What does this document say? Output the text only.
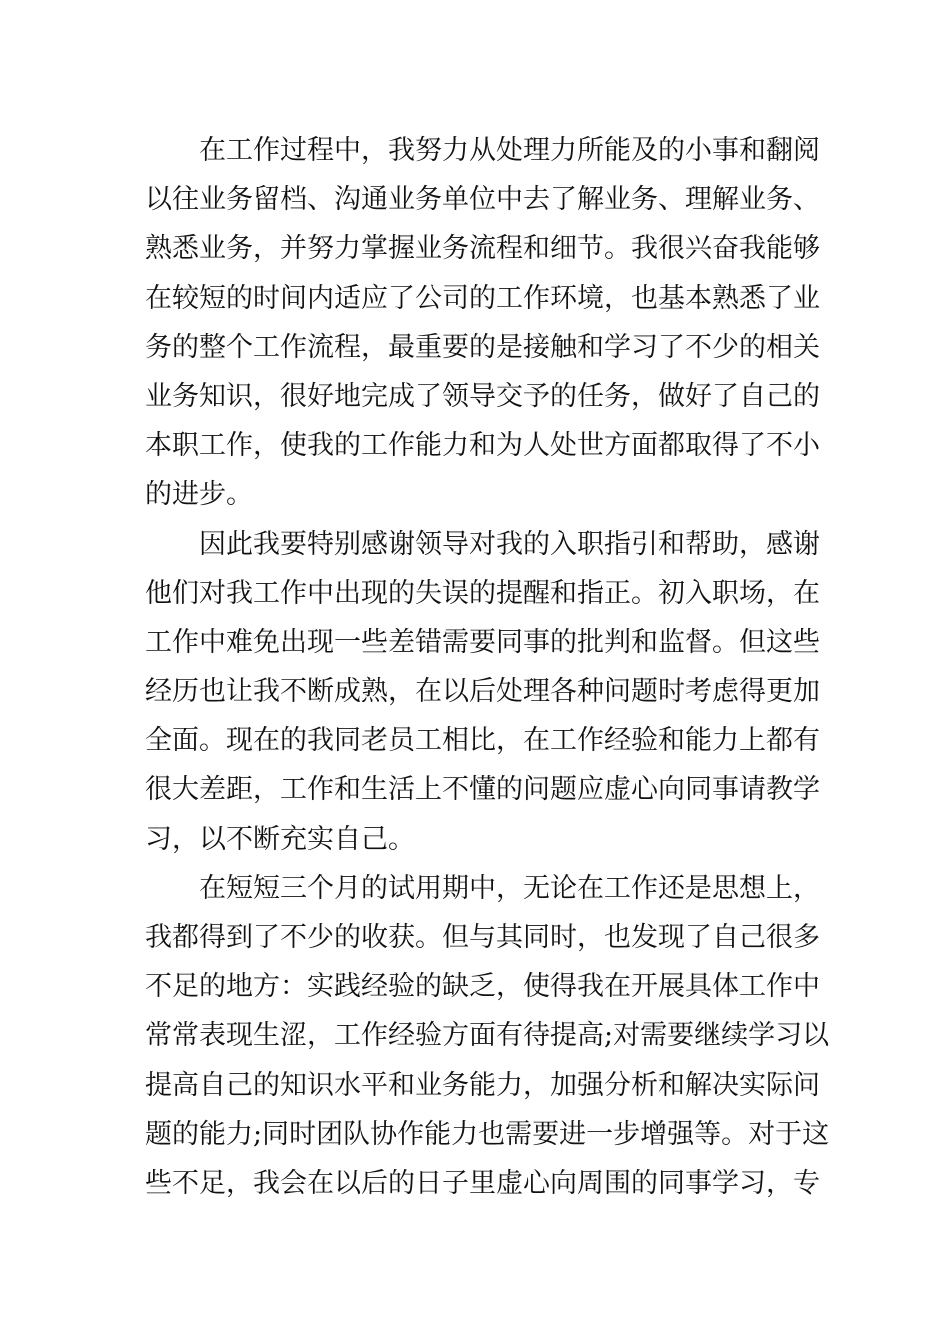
在工作过程中，我努力从处理力所能及的小事和翻阅
以往业务留档、沟通业务单位中去了解业务、理解业务、
熟悉业务，并努力掌握业务流程和细节。我很兴奋我能够
在较短的时间内适应了公司的工作环境，也基本熟悉了业
务的整个工作流程，最重要的是接触和学习了不少的相关
业务知识，很好地完成了领导交予的任务，做好了自己的
本职工作，使我的工作能力和为人处世方面都取得了不小
的进步。
因此我要特别感谢领导对我的入职指引和帮助，感谢
他们对我工作中出现的失误的提醒和指正。初入职场，在
工作中难免出现一些差错需要同事的批判和监督。但这些
经历也让我不断成熟，在以后处理各种问题时考虑得更加
全面。现在的我同老员工相比，在工作经验和能力上都有
很大差距，工作和生活上不懂的问题应虚心向同事请教学
习，以不断充实自己。
在短短三个月的试用期中，无论在工作还是思想上，
我都得到了不少的收获。但与其同时，也发现了自己很多
不足的地方：实践经验的缺乏，使得我在开展具体工作中
常常表现生涩，工作经验方面有待提高;对需要继续学习以
提高自己的知识水平和业务能力，加强分析和解决实际问
题的能力;同时团队协作能力也需要进一步增强等。对于这
些不足，我会在以后的日子里虚心向周围的同事学习，专
